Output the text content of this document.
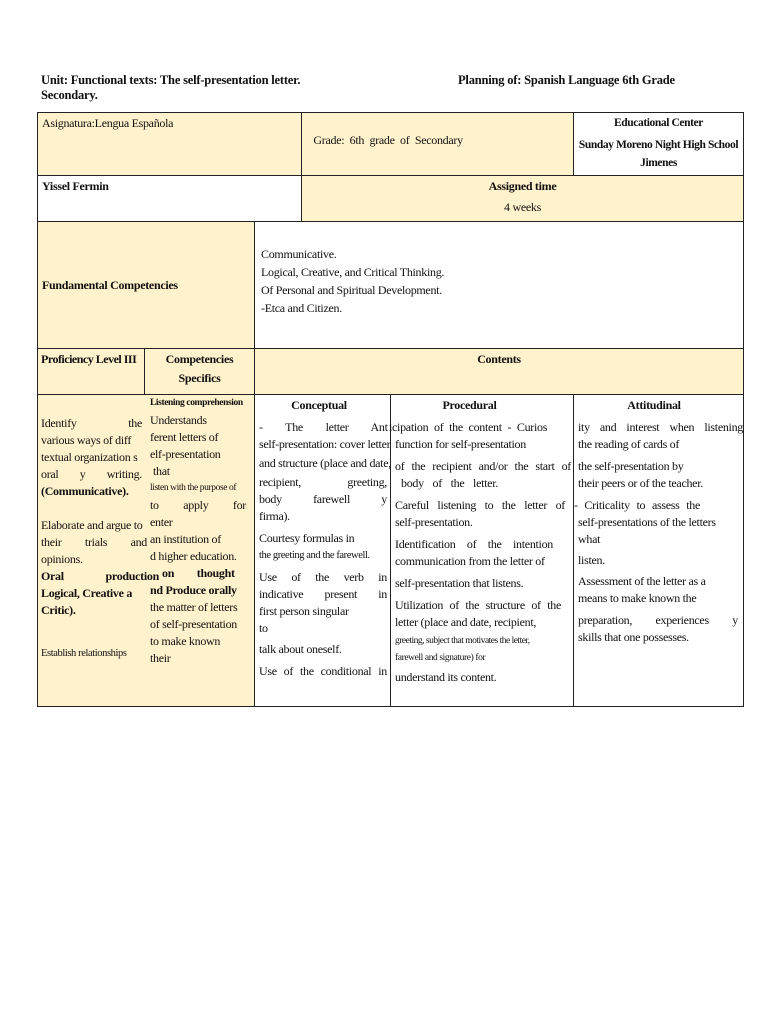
Unit: Functional texts: The self-presentation letter.
Secondary.
Planning of: Spanish Language 6th Grade
Asignatura:Lengua Española

Grade:  6th  grade  of  Secondary

Educational Center
Sunday Moreno Night High School Jimenes
Yissel Fermin	Assigned time
4 weeks
Fundamental Competencies
Communicative.
Logical, Creative, and Critical Thinking.
Of Personal and Spiritual Development.
-Etca and Citizen.
Proficiency Level III	Competencies Specifics
Contents
Identify the
various ways of diff
textual organization s
oral y writing.
(Communicative).
Elaborate and argue to
their trials and
opinions.
Oral production
Logical, Creative a
Critic).
Establish relationships
Listening comprehension
Understands
ferent letters of
elf-presentation
that
listen with the purpose of
to apply for
enter
an institution of
d higher education.
on thought
nd Produce orally
the matter of letters
of self-presentation
to make known
their
Conceptual
- The letter Ant
self-presentation: cover letter
and structure (place and date,
recipient, greeting,
body farewell y
firma).
Courtesy formulas in
the greeting and the farewell.
Use of the verb in
indicative present in
first person singular
to
talk about oneself.
Use of the conditional in
Procedural
icipation of the content - Curios
function for self-presentation
of the recipient and/or the start of
body of the letter.
Careful listening to the letter of
self-presentation.
Identification of the intention
communication from the letter of
self-presentation that listens.
Utilization of the structure of the
letter (place and date, recipient,
greeting, subject that motivates the letter,
farewell and signature) for
understand its content.
Attitudinal
ity and interest when listening
the reading of cards of
the self-presentation by
their peers or of the teacher.
- Criticality to assess the
self-presentations of the letters
what
listen.
Assessment of the letter as a
means to make known the
preparation, experiences y
skills that one possesses.
